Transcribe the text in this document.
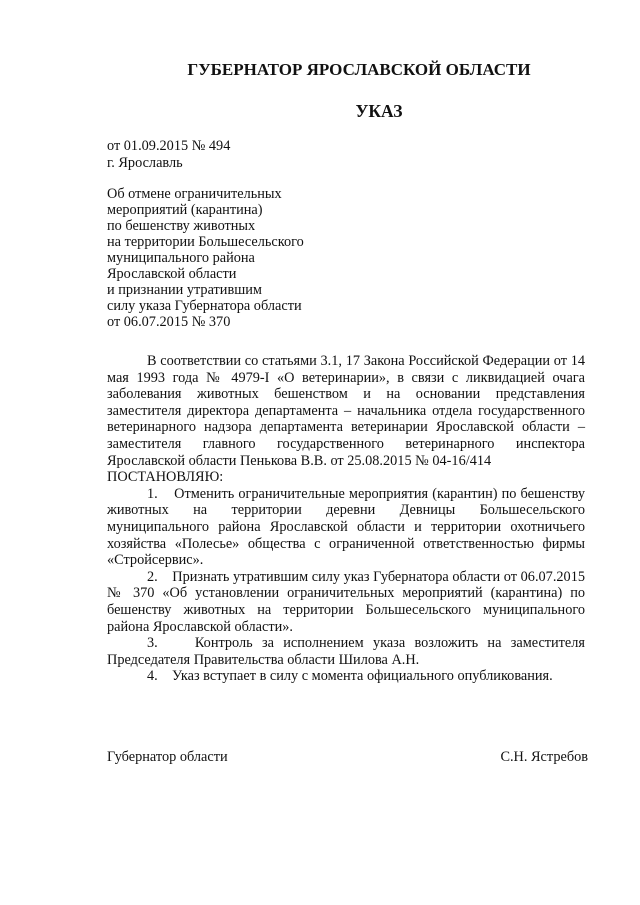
ГУБЕРНАТОР ЯРОСЛАВСКОЙ ОБЛАСТИ
УКАЗ
от 01.09.2015 № 494
г. Ярославль
Об отмене ограничительных
мероприятий (карантина)
по бешенству животных
на территории Большесельского
муниципального района
Ярославской области
и признании утратившим
силу указа Губернатора области
от 06.07.2015 № 370

В соответствии со статьями 3.1, 17 Закона Российской Федерации от 14 мая 1993 года № 4979-I «О ветеринарии», в связи с ликвидацией очага заболевания животных бешенством и на основании представления заместителя директора департамента – начальника отдела государственного ветеринарного надзора департамента ветеринарии Ярославской области – заместителя главного государственного ветеринарного инспектора Ярославской области Пенькова В.В. от 25.08.2015 № 04-16/414

ПОСТАНОВЛЯЮ:

1.    Отменить ограничительные мероприятия (карантин) по бешенству животных на территории деревни Девницы Большесельского муниципального района Ярославской области и территории охотничьего хозяйства «Полесье» общества с ограниченной ответственностью фирмы «Стройсервис».

2.    Признать утратившим силу указ Губернатора области от 06.07.2015 № 370 «Об установлении ограничительных мероприятий (карантина) по бешенству животных на территории Большесельского муниципального района Ярославской области».

3.    Контроль за исполнением указа возложить на заместителя Председателя Правительства области Шилова А.Н.

4.    Указ вступает в силу с момента официального опубликования.

Губернатор области	С.Н. Ястребов
